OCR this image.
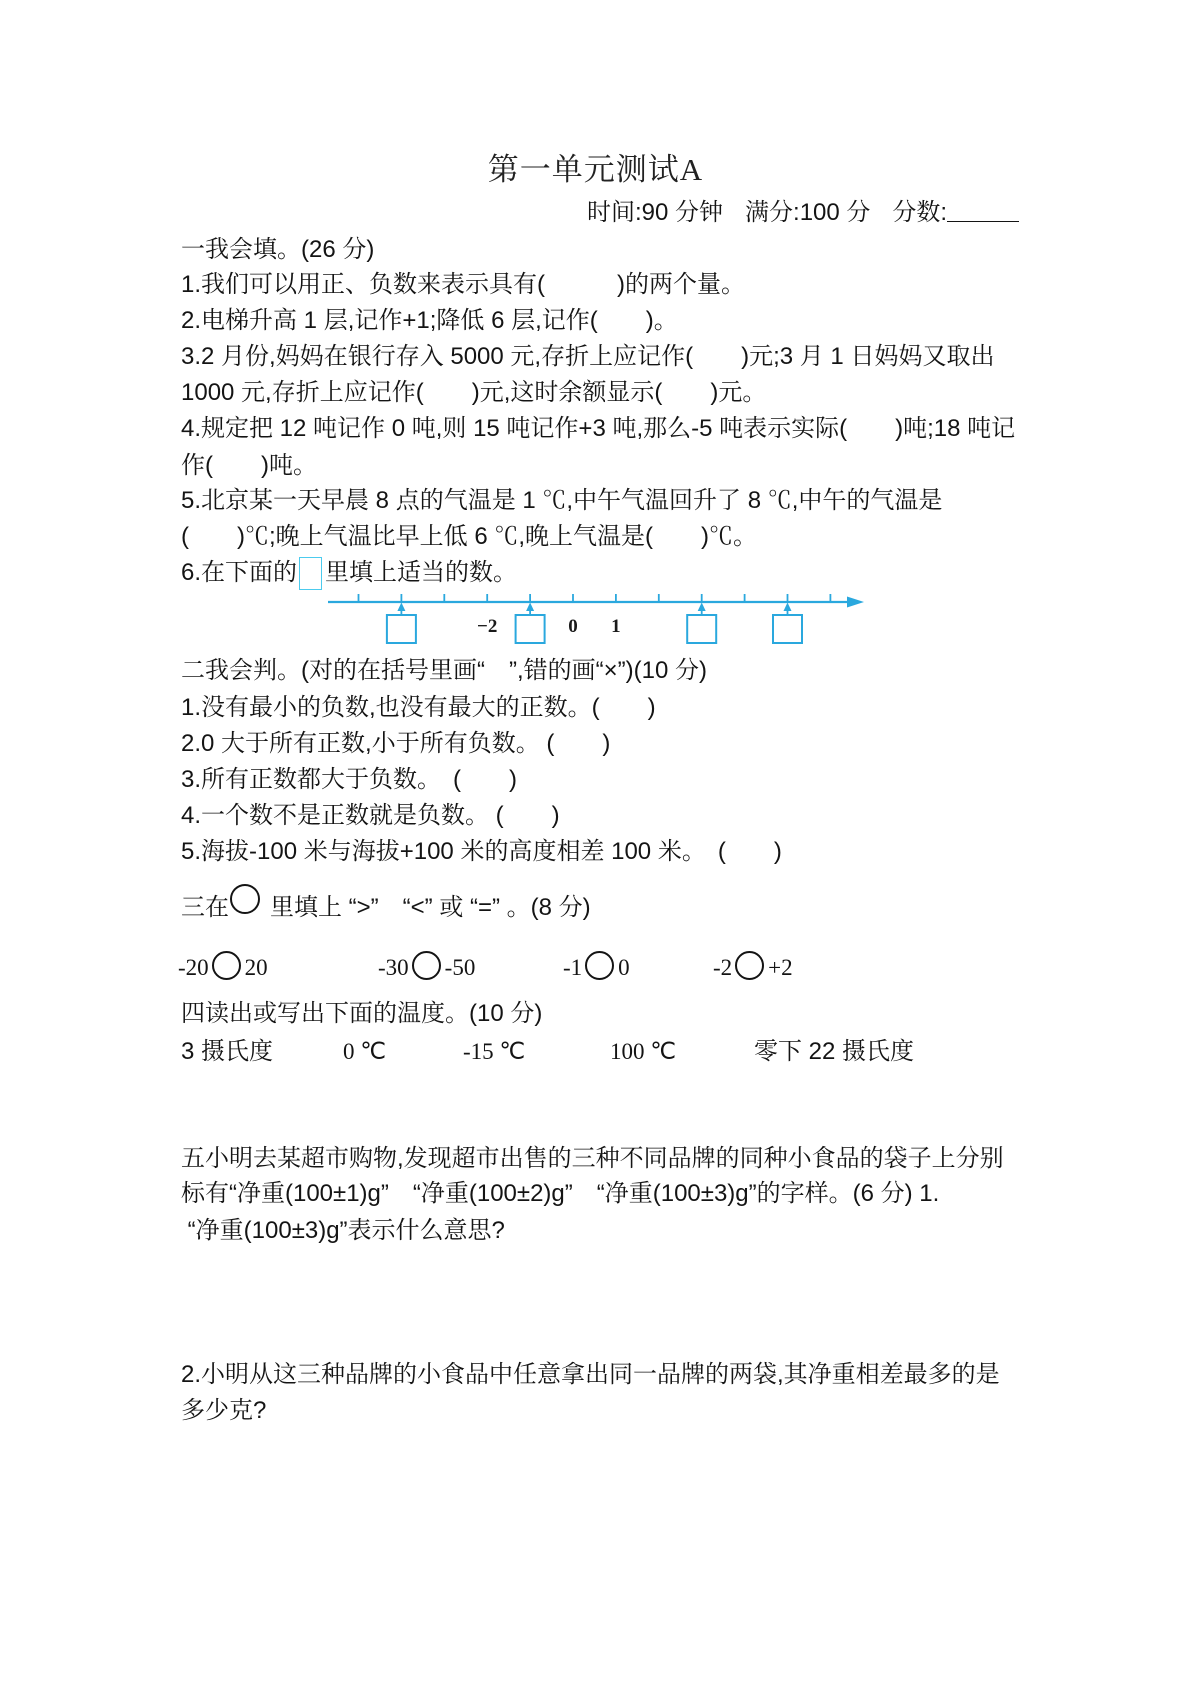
第一单元测试A
时间:90 分钟 满分:100 分 分数:
一我会填。(26 分)
1.我们可以用正、负数来表示具有(　　　)的两个量。
2.电梯升高 1 层,记作+1;降低 6 层,记作(　　)。
3.2 月份,妈妈在银行存入 5000 元,存折上应记作(　　)元;3 月 1 日妈妈又取出
1000 元,存折上应记作(　　)元,这时余额显示(　　)元。
4.规定把 12 吨记作 0 吨,则 15 吨记作+3 吨,那么-5 吨表示实际(　　)吨;18 吨记
作(　　)吨。
5.北京某一天早晨 8 点的气温是 1 ℃,中午气温回升了 8 ℃,中午的气温是
(　　)℃;晚上气温比早上低 6 ℃,晚上气温是(　　)℃。
6.在下面的 里填上适当的数。
−2	0 1
二我会判。(对的在括号里画“　”,错的画“×”)(10 分)
1.没有最小的负数,也没有最大的正数。(　　)
2.0 大于所有正数,小于所有负数。 (　　)
3.所有正数都大于负数。　(　　)
4.一个数不是正数就是负数。 (　　)
5.海拔-100 米与海拔+100 米的高度相差 100 米。　(　　)
三在 里填上 “>”　“<” 或 “=” 。(8 分)
-20 20	-30 -50	-1 0	-2 +2
四读出或写出下面的温度。(10 分)
3 摄氏度	0 ℃	-15 ℃	100 ℃	零下 22 摄氏度
五小明去某超市购物,发现超市出售的三种不同品牌的同种小食品的袋子上分别
标有“净重(100±1)g”　“净重(100±2)g”　“净重(100±3)g”的字样。(6 分) 1.
“净重(100±3)g”表示什么意思?
2.小明从这三种品牌的小食品中任意拿出同一品牌的两袋,其净重相差最多的是
多少克?
